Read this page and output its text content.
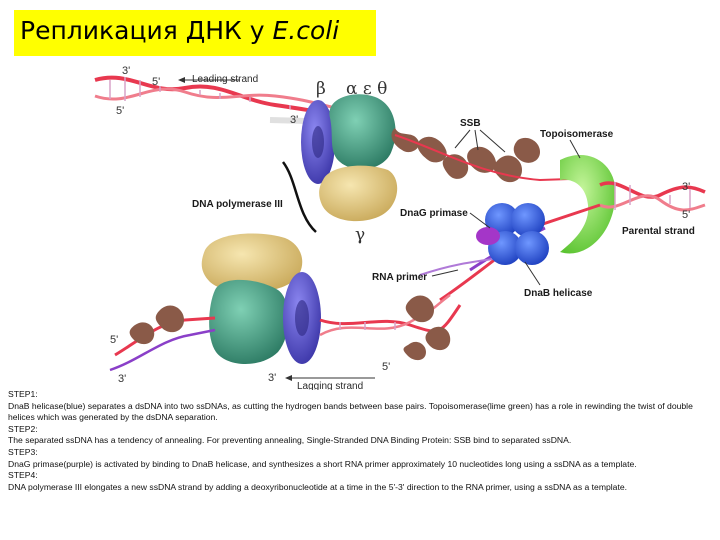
Репликация ДНК у E.coli
3'
5'
5'
3'
Leading strand	β α ε θ
DNA polymerase III
γ
SSB
Topoisomerase
3'
5'
Parental strand
DnaG primase
DnaB helicase
RNA primer
5'
3'	3'
5'
Lagging strand
STEP1:
DnaB helicase(blue) separates a dsDNA into two ssDNAs, as cutting the hydrogen bands between base pairs. Topoisomerase(lime green) has a role in rewinding the twist of double helices which was generated by the dsDNA separation.
STEP2:
The separated ssDNA has a tendency of annealing. For preventing annealing, Single-Stranded DNA Binding Protein: SSB bind to separated ssDNA.
STEP3:
DnaG primase(purple) is activated by binding to DnaB helicase, and synthesizes a short RNA primer approximately 10 nucleotides long using a ssDNA as a template.
STEP4:
DNA polymerase III elongates a new ssDNA strand by adding a deoxyribonucleotide at a time in the 5'-3' direction to the RNA primer, using a ssDNA as a template.
